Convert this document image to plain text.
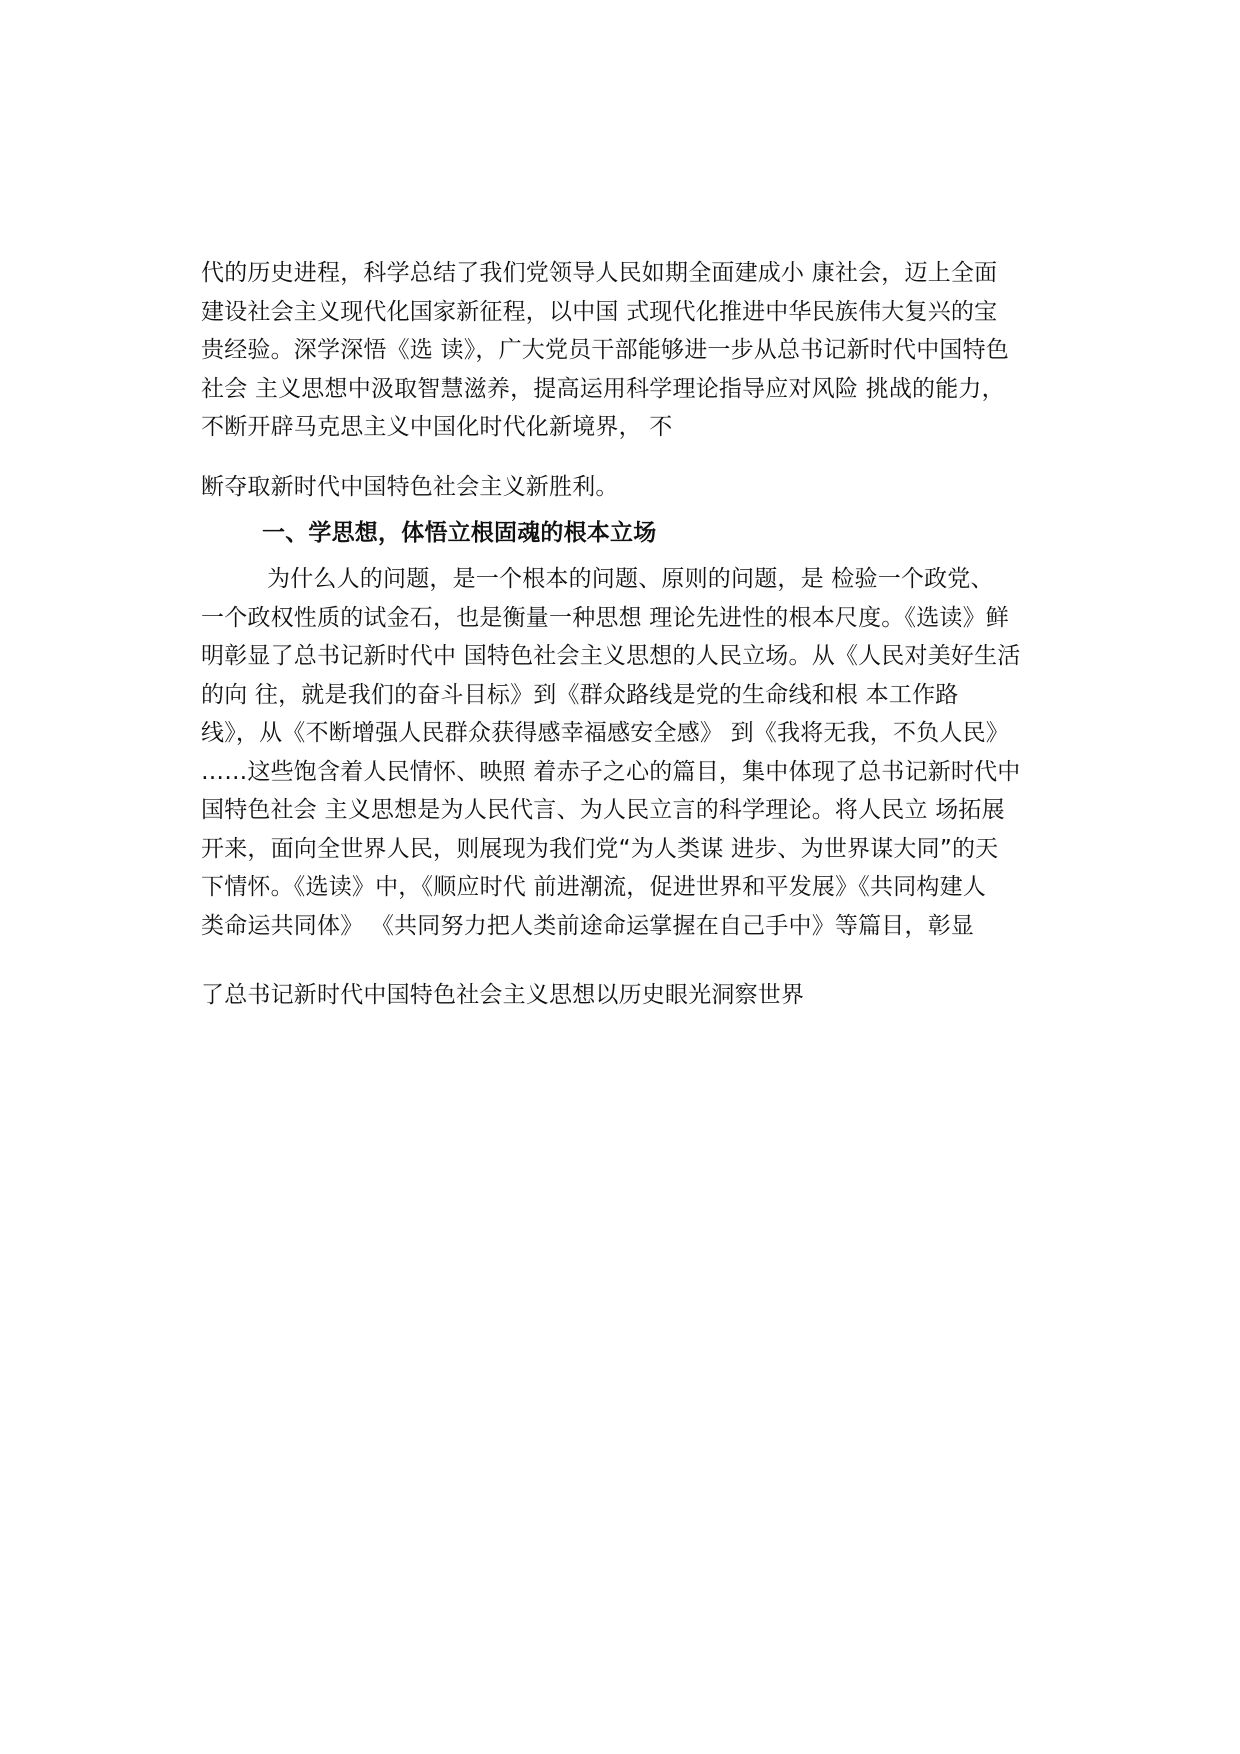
代的历史进程，科学总结了我们党领导人民如期全面建成小 康社会，迈上全面
建设社会主义现代化国家新征程，以中国 式现代化推进中华民族伟大复兴的宝
贵经验。深学深悟《选 读》，广大党员干部能够进一步从总书记新时代中国特色
社会 主义思想中汲取智慧滋养，提高运用科学理论指导应对风险 挑战的能力，
不断开辟马克思主义中国化时代化新境界， 不
断夺取新时代中国特色社会主义新胜利。
一、学思想，体悟立根固魂的根本立场
为什么人的问题，是一个根本的问题、原则的问题，是 检验一个政党、
一个政权性质的试金石，也是衡量一种思想 理论先进性的根本尺度。《选读》鲜
明彰显了总书记新时代中 国特色社会主义思想的人民立场。从《人民对美好生活
的向 往，就是我们的奋斗目标》到《群众路线是党的生命线和根 本工作路
线》，从《不断增强人民群众获得感幸福感安全感》 到《我将无我，不负人民》
……这些饱含着人民情怀、映照 着赤子之心的篇目，集中体现了总书记新时代中
国特色社会 主义思想是为人民代言、为人民立言的科学理论。将人民立 场拓展
开来，面向全世界人民，则展现为我们党“为人类谋 进步、为世界谋大同”的天
下情怀。《选读》中，《顺应时代 前进潮流，促进世界和平发展》《共同构建人
类命运共同体》 《共同努力把人类前途命运掌握在自己手中》等篇目，彰显
了总书记新时代中国特色社会主义思想以历史眼光洞察世界
